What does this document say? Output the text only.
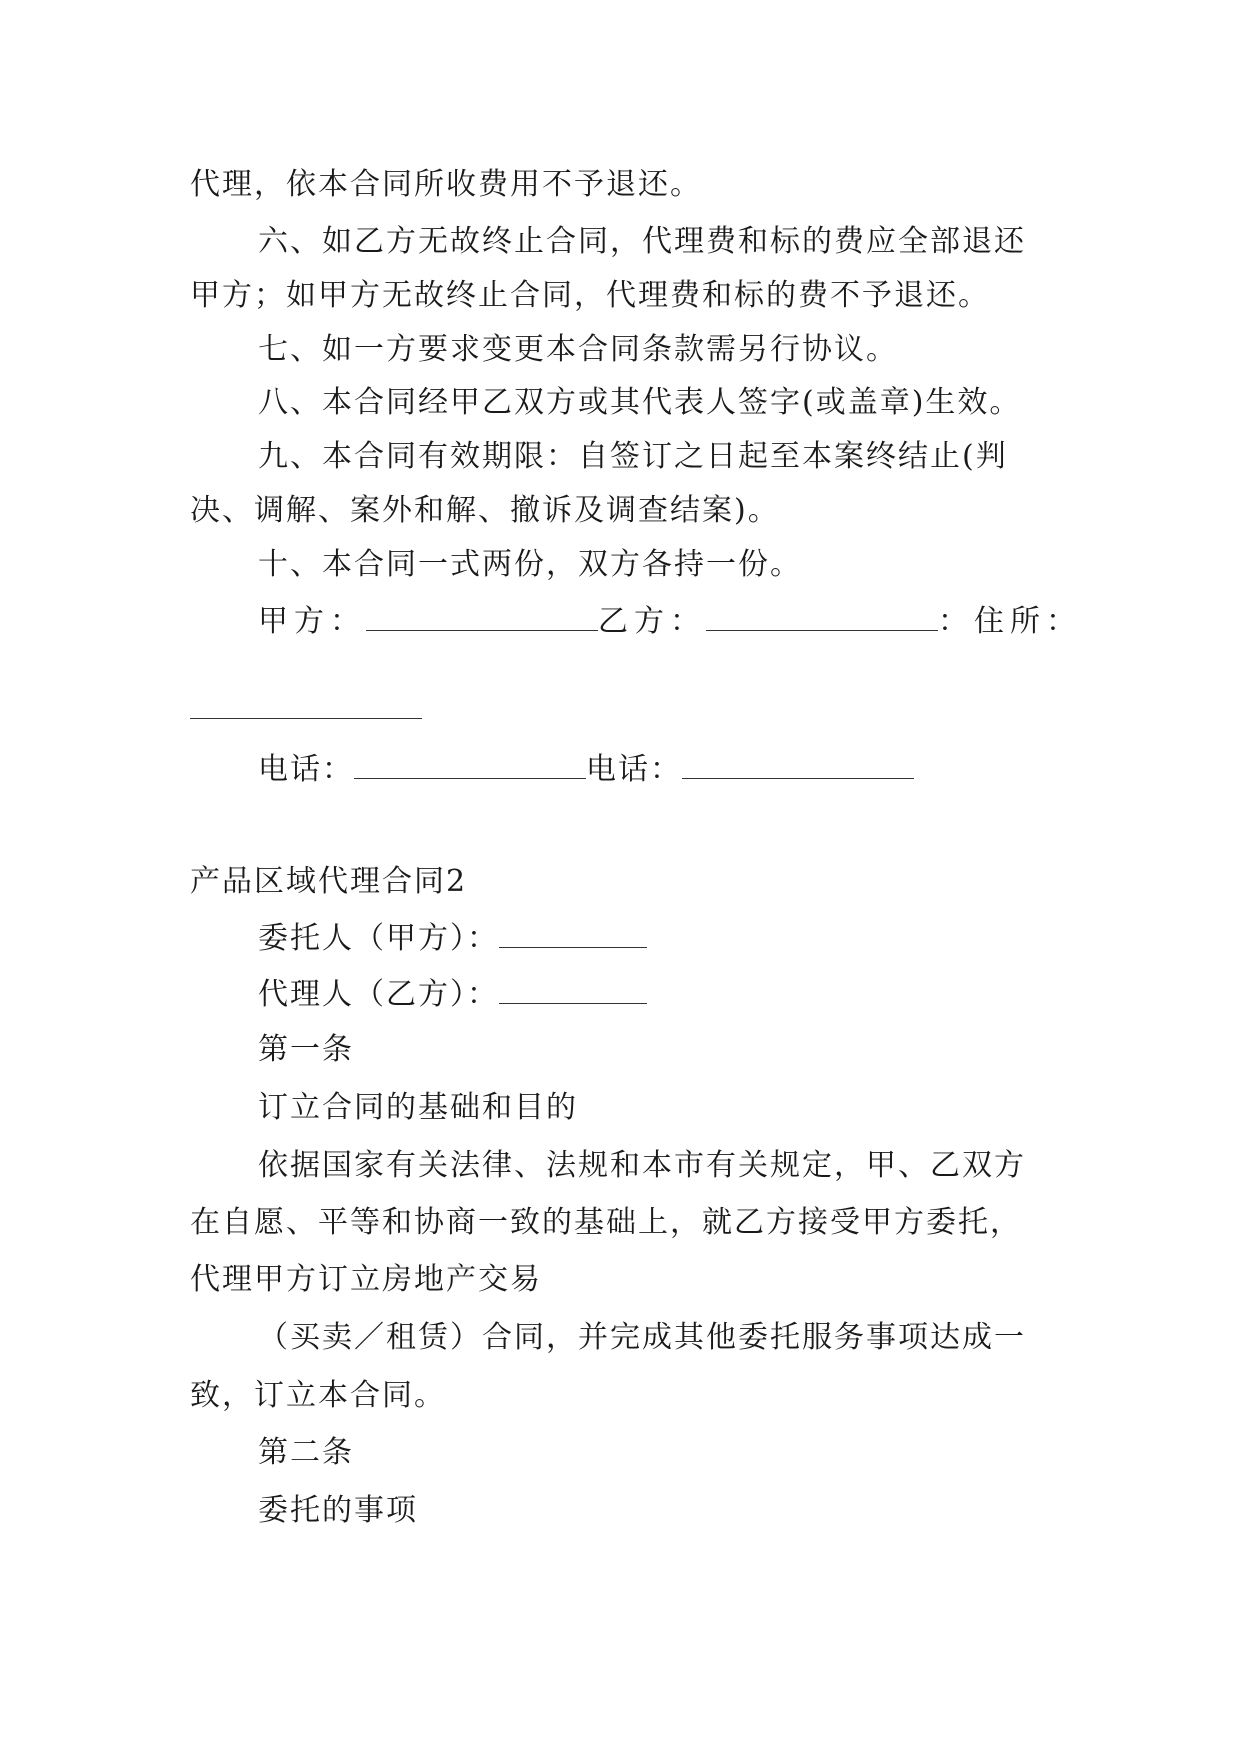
代理，依本合同所收费用不予退还。

六、如乙方无故终止合同，代理费和标的费应全部退还

甲方；如甲方无故终止合同，代理费和标的费不予退还。

七、如一方要求变更本合同条款需另行协议。

八、本合同经甲乙双方或其代表人签字(或盖章)生效。

九、本合同有效期限：自签订之日起至本案终结止(判

决、调解、案外和解、撤诉及调查结案)。

十、本合同一式两份，双方各持一份。

甲方：	乙方：	：住所：

电话：	电话：

产品区域代理合同2

委托人（甲方）：

代理人（乙方）：

第一条

订立合同的基础和目的

依据国家有关法律、法规和本市有关规定，甲、乙双方

在自愿、平等和协商一致的基础上，就乙方接受甲方委托，

代理甲方订立房地产交易

（买卖／租赁）合同，并完成其他委托服务事项达成一

致，订立本合同。

第二条

委托的事项
